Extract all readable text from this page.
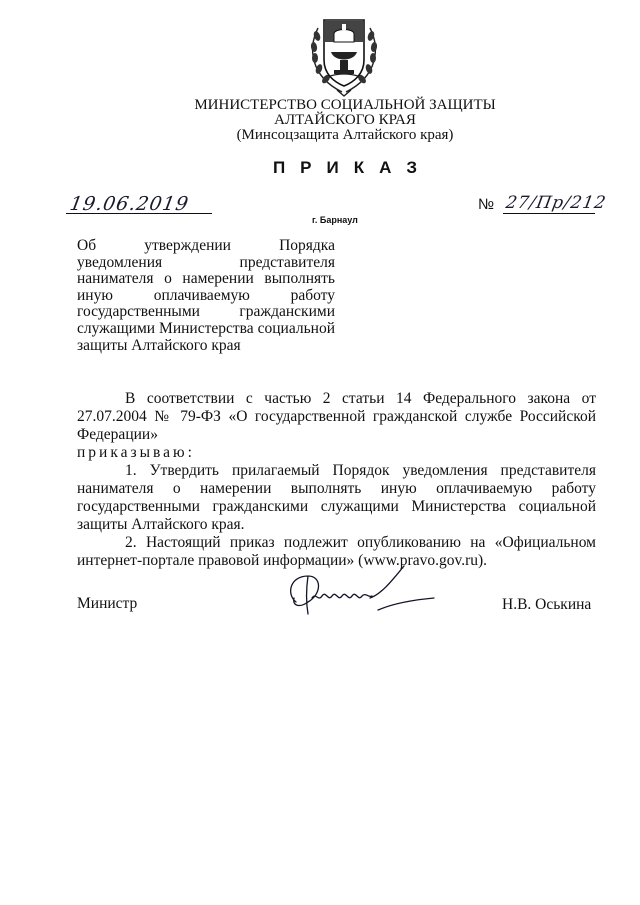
МИНИСТЕРСТВО СОЦИАЛЬНОЙ ЗАЩИТЫ
АЛТАЙСКОГО КРАЯ
(Минсоцзащита Алтайского края)
ПРИКАЗ
19.06.2019	№ 27/Пр/212
г. Барнаул

Об утверждении Порядка уведомления представителя нанимателя о намерении выполнять иную оплачиваемую работу государственными гражданскими служащими Министерства социальной защиты Алтайского края

В соответствии с частью 2 статьи 14 Федерального закона от 27.07.2004 № 79-ФЗ «О государственной гражданской службе Российской Федерации»

приказываю:

1. Утвердить прилагаемый Порядок уведомления представителя нанимателя о намерении выполнять иную оплачиваемую работу государственными гражданскими служащими Министерства социальной защиты Алтайского края.

2. Настоящий приказ подлежит опубликованию на «Официальном интернет-портале правовой информации» (www.pravo.gov.ru).

Министр	Н.В. Оськина
